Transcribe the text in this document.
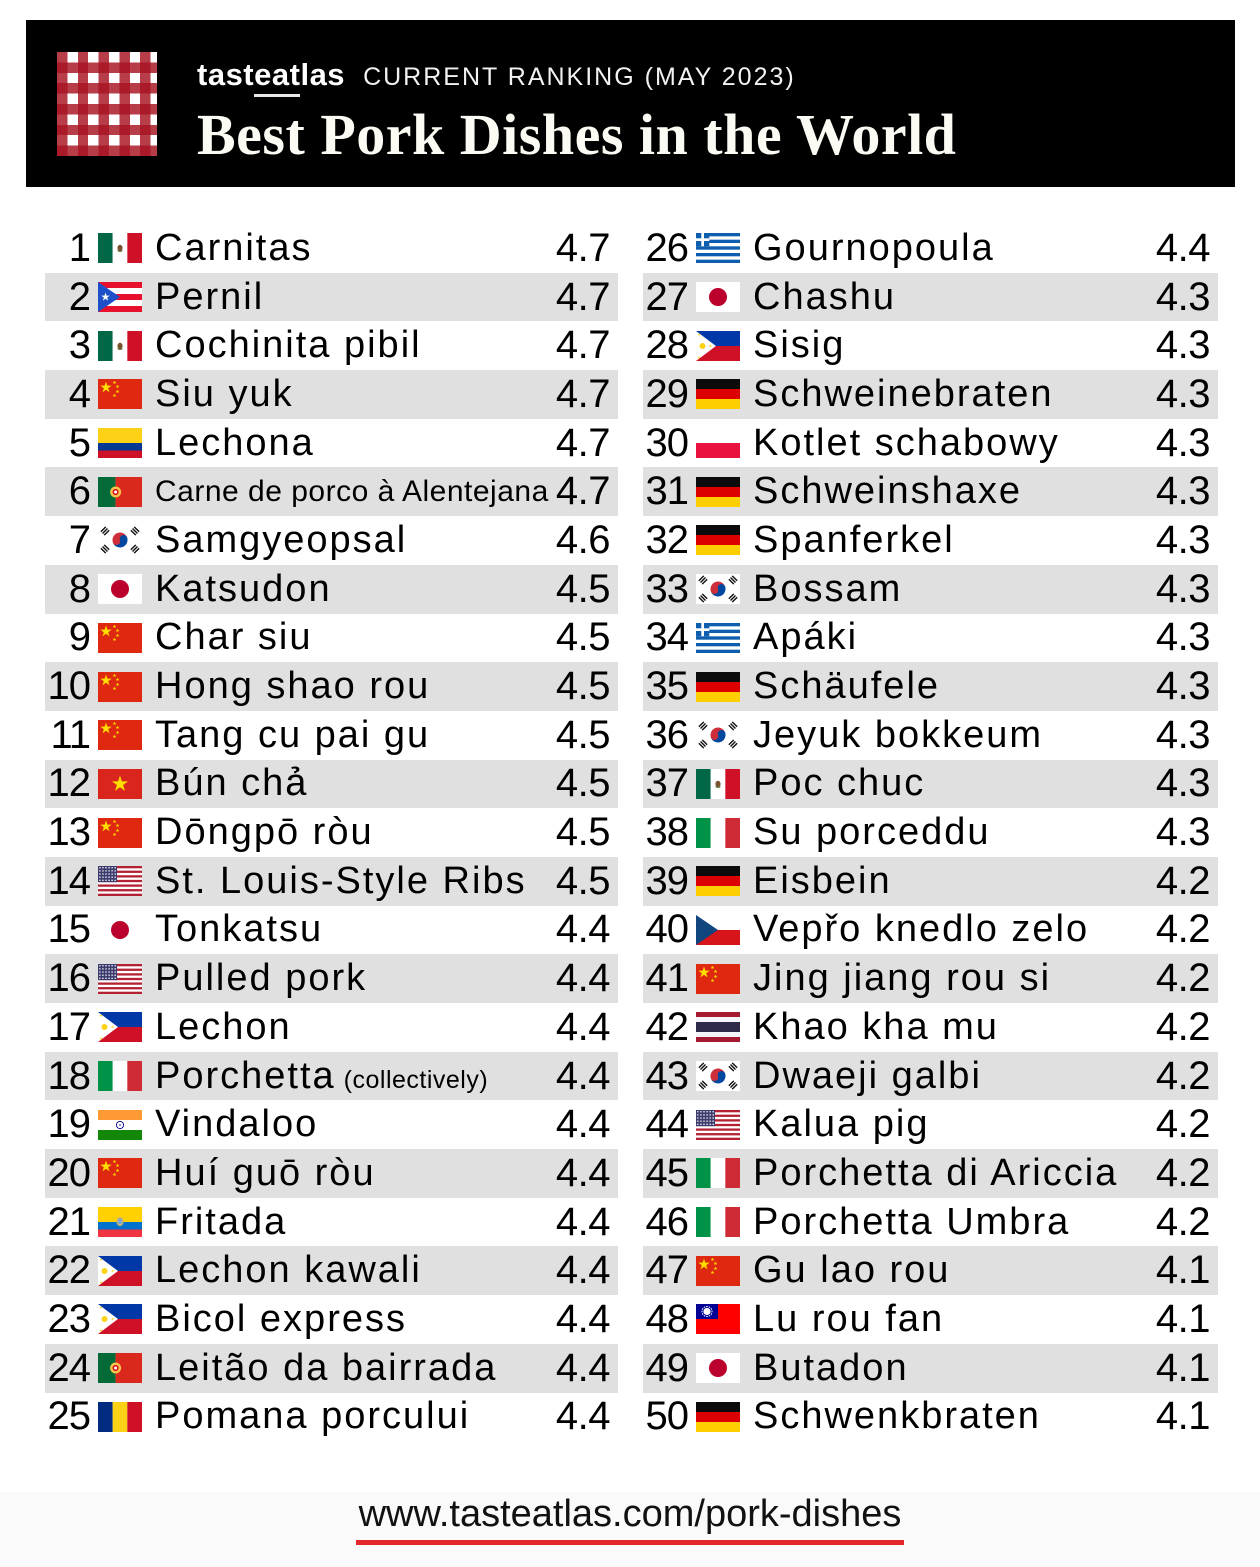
tasteatlas CURRENT RANKING (MAY 2023)
Best Pork Dishes in the World
1 Carnitas	4.7
2 Pernil	4.7
3 Cochinita pibil	4.7
4 Siu yuk	4.7
5 Lechona	4.7
6 Carne de porco à Alentejana 4.7
7 Samgyeopsal	4.6
8 Katsudon	4.5
9 Char siu	4.5
10 Hong shao rou	4.5
11 Tang cu pai gu	4.5
12 Bún chả	4.5
13 Dōngpō ròu	4.5
14 St. Louis-Style Ribs 4.5
15 Tonkatsu	4.4
16 Pulled pork	4.4
17 Lechon	4.4
18 Porchetta (collectively) 4.4
19 Vindaloo	4.4
20 Huí guō ròu	4.4
21 Fritada	4.4
22 Lechon kawali	4.4
23 Bicol express	4.4
24 Leitão da bairrada 4.4
25 Pomana porcului 4.4
26 Gournopoula	4.4
27 Chashu	4.3
28 Sisig	4.3
29 Schweinebraten	4.3
30 Kotlet schabowy 4.3
31 Schweinshaxe	4.3
32 Spanferkel	4.3
33 Bossam	4.3
34 Apáki	4.3
35 Schäufele	4.3
36 Jeyuk bokkeum	4.3
37 Poc chuc	4.3
38 Su porceddu	4.3
39 Eisbein	4.2
40 Vepřo knedlo zelo 4.2
41 Jing jiang rou si	4.2
42 Khao kha mu	4.2
43 Dwaeji galbi	4.2
44 Kalua pig	4.2
45 Porchetta di Ariccia 4.2
46 Porchetta Umbra 4.2
47 Gu lao rou	4.1
48 Lu rou fan	4.1
49 Butadon	4.1
50 Schwenkbraten	4.1
www.tasteatlas.com/pork-dishes
